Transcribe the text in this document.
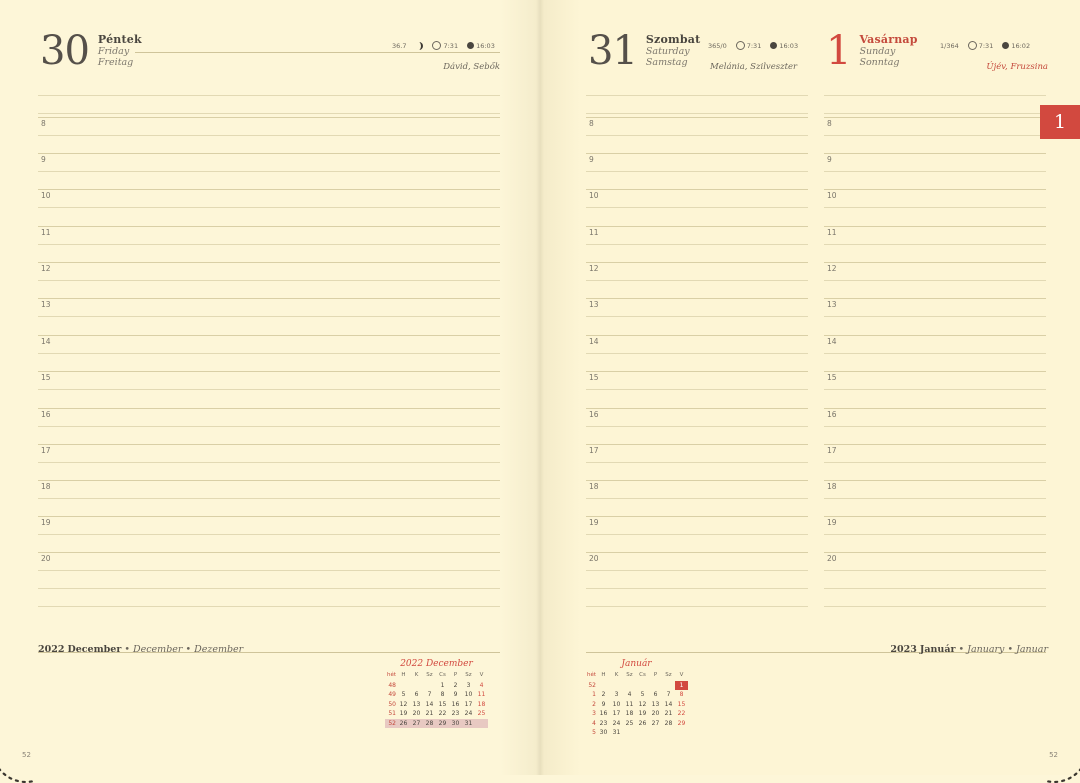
30 Péntek
Friday
Freitag
36.7	7:31	16:03
Dávid, Sebők
8
9
10
11
12
13
14
15
16
17
18
19
20
2022 December • December • Dezember
2022 December
hét	H	K	Sz	Cs	P	Sz	V
48				1	2	3	4
49	5	6	7	8	9	10	11
50	12	13	14	15	16	17	18
51	19	20	21	22	23	24	25
52	26	27	28	29	30	31	
52
31 Szombat
Saturday
Samstag
365/0	7:31	16:03
Melánia, Szilveszter 1 Vasárnap
Sunday
Sonntag
1/364	7:31	16:02
Újév, Fruzsina
8
9
10
11
12
13
14
15
16
17
18
19
20
8
9
10
11
12
13
14
15
16
17
18
19
20
2023 Január • January • Januar
Január
hét	H	K	Sz	Cs	P	Sz	V
52							1
1	2	3	4	5	6	7	8
2	9	10	11	12	13	14	15
3	16	17	18	19	20	21	22
4	23	24	25	26	27	28	29
5	30	31					
1
52
